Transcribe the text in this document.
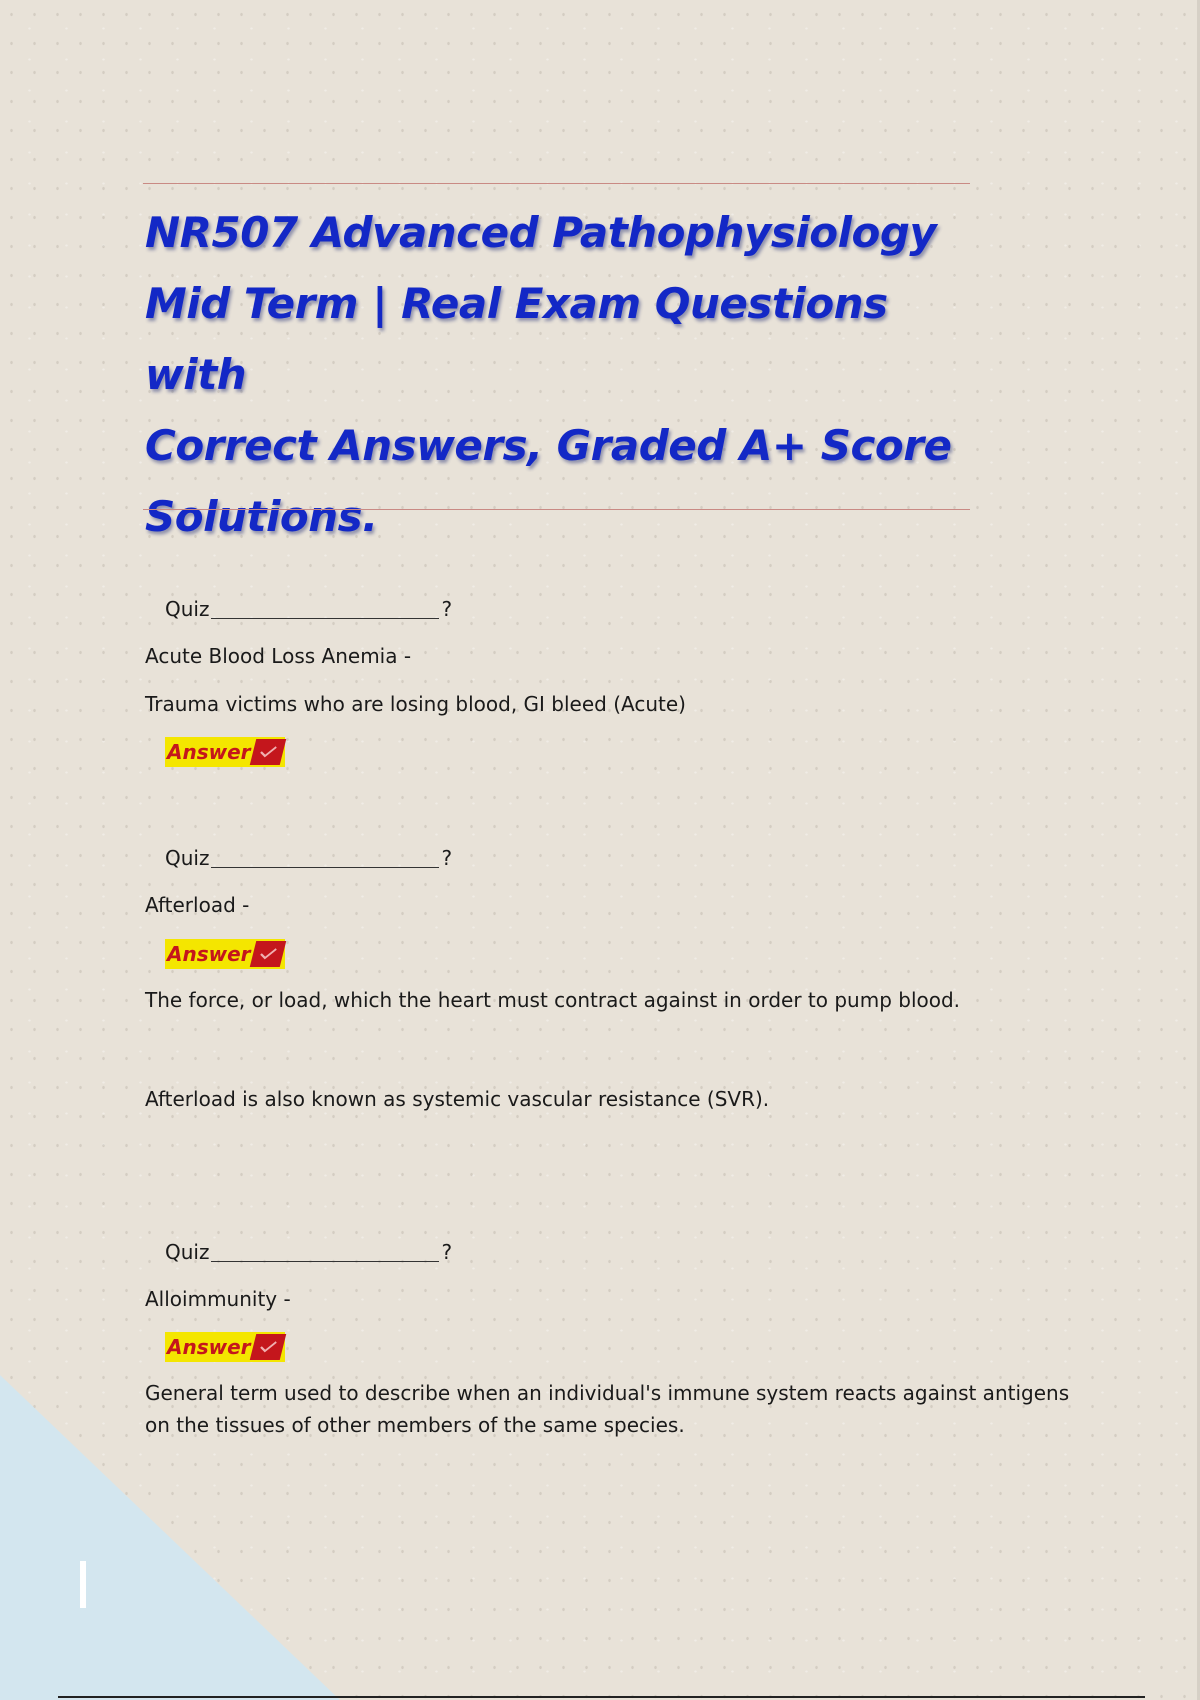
NR507 Advanced Pathophysiology
Mid Term | Real Exam Questions with
Correct Answers, Graded A+ Score
Solutions.
Quiz	?

Acute Blood Loss Anemia -

Trauma victims who are losing blood, GI bleed (Acute)

Answer
Quiz	?

Afterload -

Answer

The force, or load, which the heart must contract against in order to pump blood.

Afterload is also known as systemic vascular resistance (SVR).

Quiz	?

Alloimmunity -

Answer

General term used to describe when an individual's immune system reacts against antigens

on the tissues of other members of the same species.
